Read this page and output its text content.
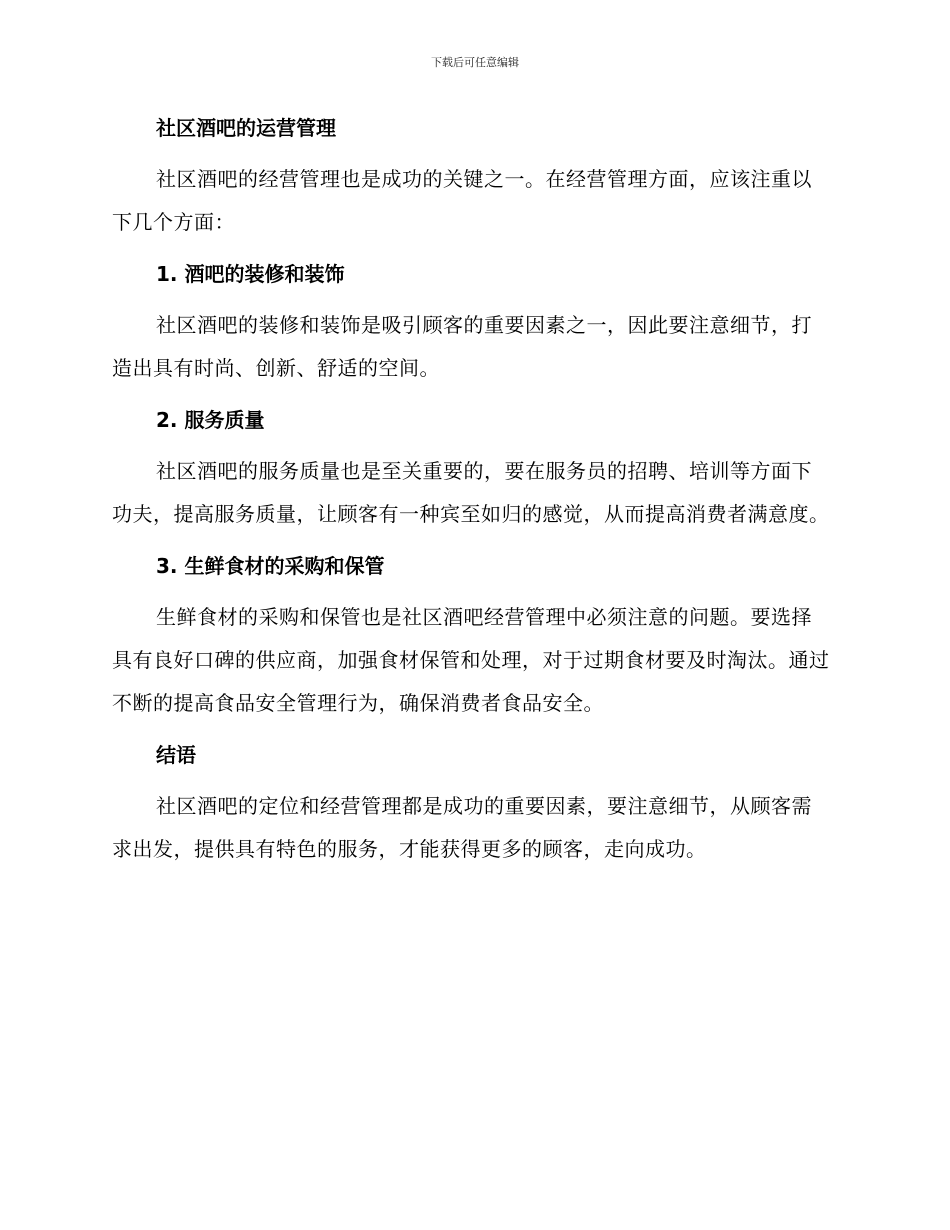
下载后可任意编辑
社区酒吧的运营管理

社区酒吧的经营管理也是成功的关键之一。在经营管理方面，应该注重以下几个方面：

1. 酒吧的装修和装饰

社区酒吧的装修和装饰是吸引顾客的重要因素之一，因此要注意细节，打造出具有时尚、创新、舒适的空间。

2. 服务质量

社区酒吧的服务质量也是至关重要的，要在服务员的招聘、培训等方面下功夫，提高服务质量，让顾客有一种宾至如归的感觉，从而提高消费者满意度。

3. 生鲜食材的采购和保管

生鲜食材的采购和保管也是社区酒吧经营管理中必须注意的问题。要选择具有良好口碑的供应商，加强食材保管和处理，对于过期食材要及时淘汰。通过不断的提高食品安全管理行为，确保消费者食品安全。

结语

社区酒吧的定位和经营管理都是成功的重要因素，要注意细节，从顾客需求出发，提供具有特色的服务，才能获得更多的顾客，走向成功。
